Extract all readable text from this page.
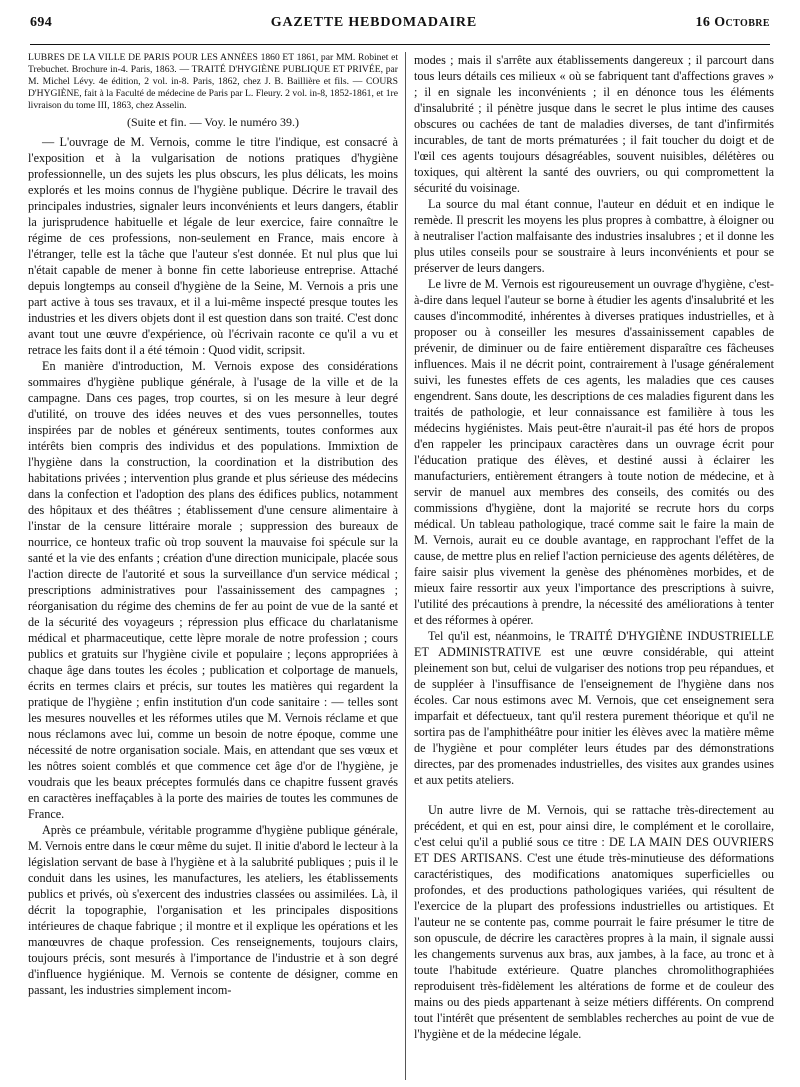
694	GAZETTE HEBDOMADAIRE	16 Octobre

LUBRES DE LA VILLE DE PARIS POUR LES ANNÉES 1860 ET 1861, par MM. Robinet et Trebuchet. Brochure in-4. Paris, 1863. — TRAITÉ D'HYGIÈNE PUBLIQUE ET PRIVÉE, par M. Michel Lévy. 4e édition, 2 vol. in-8. Paris, 1862, chez J. B. Baillière et fils. — COURS D'HYGIÈNE, fait à la Faculté de médecine de Paris par L. Fleury. 2 vol. in-8, 1852-1861, et 1re livraison du tome III, 1863, chez Asselin.

(Suite et fin. — Voy. le numéro 39.)

— L'ouvrage de M. Vernois, comme le titre l'indique, est consacré à l'exposition et à la vulgarisation de notions pratiques d'hygiène professionnelle, un des sujets les plus obscurs, les plus délicats, les moins explorés et les moins connus de l'hygiène publique. Décrire le travail des principales industries, signaler leurs inconvénients et leurs dangers, établir la jurisprudence habituelle et légale de leur exercice, faire connaître le régime de ces professions, non-seulement en France, mais encore à l'étranger, telle est la tâche que l'auteur s'est donnée. Et nul plus que lui n'était capable de mener à bonne fin cette laborieuse entreprise. Attaché depuis longtemps au conseil d'hygiène de la Seine, M. Vernois a pris une part active à tous ses travaux, et il a lui-même inspecté presque toutes les industries et les divers objets dont il est question dans son traité. C'est donc avant tout une œuvre d'expérience, où l'écrivain raconte ce qu'il a vu et retrace les faits dont il a été témoin : Quod vidit, scripsit.

En manière d'introduction, M. Vernois expose des considérations sommaires d'hygiène publique générale, à l'usage de la ville et de la campagne. Dans ces pages, trop courtes, si on les mesure à leur degré d'utilité, on trouve des idées neuves et des vues personnelles, toutes inspirées par de nobles et généreux sentiments, toutes conformes aux intérêts bien compris des individus et des populations. Immixtion de l'hygiène dans la construction, la coordination et la distribution des habitations privées ; intervention plus grande et plus sérieuse des médecins dans la confection et l'adoption des plans des édifices publics, notamment des hôpitaux et des théâtres ; établissement d'une censure alimentaire à l'instar de la censure littéraire morale ; suppression des bureaux de nourrice, ce honteux trafic où trop souvent la mauvaise foi spécule sur la santé et la vie des enfants ; création d'une direction municipale, placée sous l'action directe de l'autorité et sous la surveillance d'un service médical ; prescriptions administratives pour l'assainissement des campagnes ; réorganisation du régime des chemins de fer au point de vue de la santé et de la sécurité des voyageurs ; répression plus efficace du charlatanisme médical et pharmaceutique, cette lèpre morale de notre profession ; cours publics et gratuits sur l'hygiène civile et populaire ; leçons appropriées à chaque âge dans toutes les écoles ; publication et colportage de manuels, écrits en termes clairs et précis, sur toutes les matières qui regardent la pratique de l'hygiène ; enfin institution d'un code sanitaire : — telles sont les mesures nouvelles et les réformes utiles que M. Vernois réclame et que nous réclamons avec lui, comme un besoin de notre époque, comme une nécessité de notre organisation sociale. Mais, en attendant que ses vœux et les nôtres soient comblés et que commence cet âge d'or de l'hygiène, je voudrais que les beaux préceptes formulés dans ce chapitre fussent gravés en caractères ineffaçables à la porte des mairies de toutes les communes de France.

Après ce préambule, véritable programme d'hygiène publique générale, M. Vernois entre dans le cœur même du sujet. Il initie d'abord le lecteur à la législation servant de base à l'hygiène et à la salubrité publiques ; puis il le conduit dans les usines, les manufactures, les ateliers, les établissements publics et privés, où s'exercent des industries classées ou assimilées. Là, il décrit la topographie, l'organisation et les principales dispositions intérieures de chaque fabrique ; il montre et il explique les opérations et les manœuvres de chaque profession. Ces renseignements, toujours clairs, toujours précis, sont mesurés à l'importance de l'industrie et à son degré d'influence hygiénique. M. Vernois se contente de désigner, comme en passant, les industries simplement incom-

modes ; mais il s'arrête aux établissements dangereux ; il parcourt dans tous leurs détails ces milieux « où se fabriquent tant d'affections graves » ; il en signale les inconvénients ; il en dénonce tous les éléments d'insalubrité ; il pénètre jusque dans le secret le plus intime des causes obscures ou cachées de tant de maladies diverses, de tant d'infirmités incurables, de tant de morts prématurées ; il fait toucher du doigt et de l'œil ces agents toujours désagréables, souvent nuisibles, délétères ou toxiques, qui altèrent la santé des ouvriers, ou qui compromettent la sécurité du voisinage.

La source du mal étant connue, l'auteur en déduit et en indique le remède. Il prescrit les moyens les plus propres à combattre, à éloigner ou à neutraliser l'action malfaisante des industries insalubres ; et il donne les plus utiles conseils pour se soustraire à leurs inconvénients et pour se préserver de leurs dangers.

Le livre de M. Vernois est rigoureusement un ouvrage d'hygiène, c'est-à-dire dans lequel l'auteur se borne à étudier les agents d'insalubrité et les causes d'incommodité, inhérentes à diverses pratiques industrielles, et à proposer ou à conseiller les mesures d'assainissement capables de prévenir, de diminuer ou de faire entièrement disparaître ces fâcheuses influences. Mais il ne décrit point, contrairement à l'usage généralement suivi, les funestes effets de ces agents, les maladies que ces causes engendrent. Sans doute, les descriptions de ces maladies figurent dans les traités de pathologie, et leur connaissance est familière à tous les médecins hygiénistes. Mais peut-être n'aurait-il pas été hors de propos d'en rappeler les principaux caractères dans un ouvrage écrit pour l'éducation pratique des élèves, et destiné aussi à éclairer les manufacturiers, entièrement étrangers à toute notion de médecine, et à servir de manuel aux membres des conseils, des comités ou des commissions d'hygiène, dont la majorité se recrute hors du corps médical. Un tableau pathologique, tracé comme sait le faire la main de M. Vernois, aurait eu ce double avantage, en rapprochant l'effet de la cause, de mettre plus en relief l'action pernicieuse des agents délétères, de faire saisir plus vivement la genèse des phénomènes morbides, et de mieux faire ressortir aux yeux l'importance des prescriptions à suivre, l'utilité des précautions à prendre, la nécessité des améliorations à tenter et des réformes à opérer.

Tel qu'il est, néanmoins, le TRAITÉ D'HYGIÈNE INDUSTRIELLE ET ADMINISTRATIVE est une œuvre considérable, qui atteint pleinement son but, celui de vulgariser des notions trop peu répandues, et de suppléer à l'insuffisance de l'enseignement de l'hygiène dans nos écoles. Car nous estimons avec M. Vernois, que cet enseignement sera imparfait et défectueux, tant qu'il restera purement théorique et qu'il ne sortira pas de l'amphithéâtre pour initier les élèves avec la matière même de l'hygiène et pour compléter leurs études par des démonstrations directes, par des promenades industrielles, des visites aux grandes usines et aux petits ateliers.

Un autre livre de M. Vernois, qui se rattache très-directement au précédent, et qui en est, pour ainsi dire, le complément et le corollaire, c'est celui qu'il a publié sous ce titre : DE LA MAIN DES OUVRIERS ET DES ARTISANS. C'est une étude très-minutieuse des déformations caractéristiques, des modifications anatomiques superficielles ou profondes, et des productions pathologiques variées, qui résultent de l'exercice de la plupart des professions industrielles ou artistiques. Et l'auteur ne se contente pas, comme pourrait le faire présumer le titre de son opuscule, de décrire les caractères propres à la main, il signale aussi les changements survenus aux bras, aux jambes, à la face, au tronc et à toute l'habitude extérieure. Quatre planches chromolithographiées reproduisent très-fidèlement les altérations de forme et de couleur des mains ou des pieds appartenant à seize métiers différents. On comprend tout l'intérêt que présentent de semblables recherches au point de vue de l'hygiène et de la médecine légale.
